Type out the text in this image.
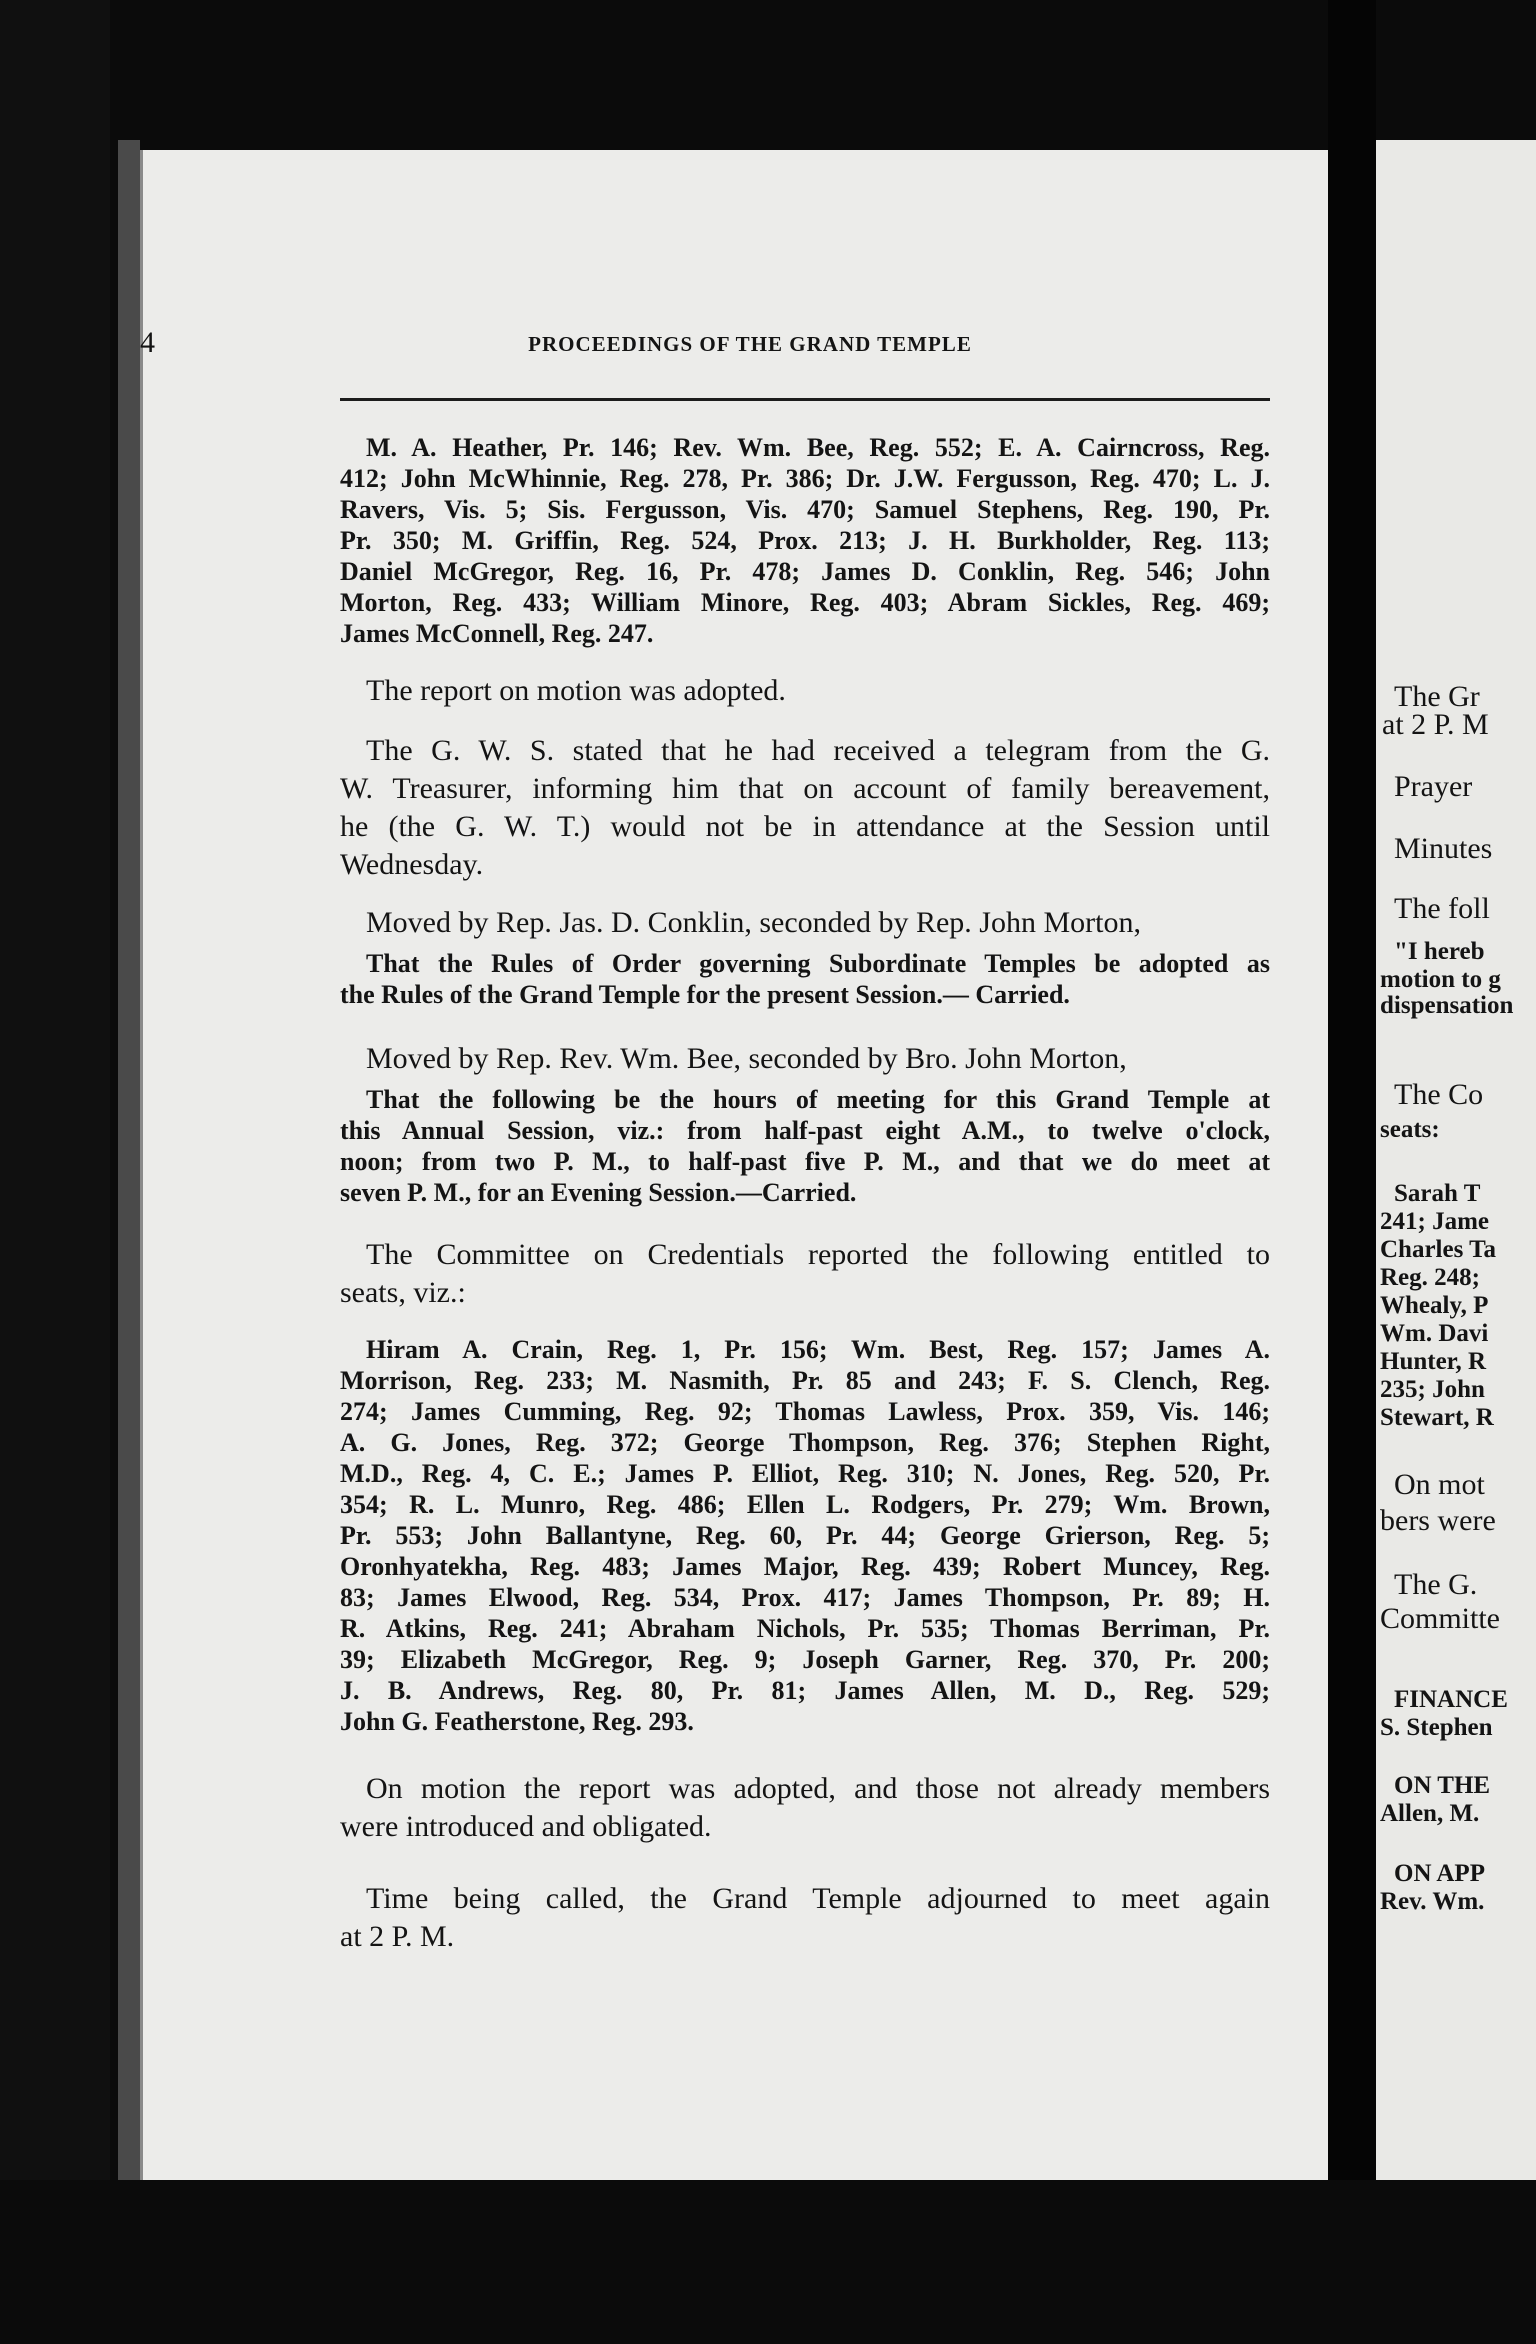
4	PROCEEDINGS OF THE GRAND TEMPLE
M. A. Heather, Pr. 146; Rev. Wm. Bee, Reg. 552; E. A. Cairncross, Reg.
412; John McWhinnie, Reg. 278, Pr. 386; Dr. J.W. Fergusson, Reg. 470; L. J.
Ravers, Vis. 5; Sis. Fergusson, Vis. 470; Samuel Stephens, Reg. 190, Pr.
Pr. 350; M. Griffin, Reg. 524, Prox. 213; J. H. Burkholder, Reg. 113;
Daniel McGregor, Reg. 16, Pr. 478; James D. Conklin, Reg. 546; John
Morton, Reg. 433; William Minore, Reg. 403; Abram Sickles, Reg. 469;
James McConnell, Reg. 247.
The report on motion was adopted.
The G. W. S. stated that he had received a telegram from the G.
W. Treasurer, informing him that on account of family bereavement,
he (the G. W. T.) would not be in attendance at the Session until
Wednesday.
Moved by Rep. Jas. D. Conklin, seconded by Rep. John Morton,
That the Rules of Order governing Subordinate Temples be adopted as
the Rules of the Grand Temple for the present Session.— Carried.
Moved by Rep. Rev. Wm. Bee, seconded by Bro. John Morton,
That the following be the hours of meeting for this Grand Temple at
this Annual Session, viz.: from half-past eight A.M., to twelve o'clock,
noon; from two P. M., to half-past five P. M., and that we do meet at
seven P. M., for an Evening Session.—Carried.
The Committee on Credentials reported the following entitled to
seats, viz.:
Hiram A. Crain, Reg. 1, Pr. 156; Wm. Best, Reg. 157; James A.
Morrison, Reg. 233; M. Nasmith, Pr. 85 and 243; F. S. Clench, Reg.
274; James Cumming, Reg. 92; Thomas Lawless, Prox. 359, Vis. 146;
A. G. Jones, Reg. 372; George Thompson, Reg. 376; Stephen Right,
M.D., Reg. 4, C. E.; James P. Elliot, Reg. 310; N. Jones, Reg. 520, Pr.
354; R. L. Munro, Reg. 486; Ellen L. Rodgers, Pr. 279; Wm. Brown,
Pr. 553; John Ballantyne, Reg. 60, Pr. 44; George Grierson, Reg. 5;
Oronhyatekha, Reg. 483; James Major, Reg. 439; Robert Muncey, Reg.
83; James Elwood, Reg. 534, Prox. 417; James Thompson, Pr. 89; H.
R. Atkins, Reg. 241; Abraham Nichols, Pr. 535; Thomas Berriman, Pr.
39; Elizabeth McGregor, Reg. 9; Joseph Garner, Reg. 370, Pr. 200;
J. B. Andrews, Reg. 80, Pr. 81; James Allen, M. D., Reg. 529;
John G. Featherstone, Reg. 293.
On motion the report was adopted, and those not already members
were introduced and obligated.
Time being called, the Grand Temple adjourned to meet again
at 2 P. M.
The Gr
at 2 P. M
Prayer
Minutes
The foll
"I hereb
motion to g
dispensation
The Co
seats:
Sarah T
241; Jame
Charles Ta
Reg. 248;
Whealy, P
Wm. Davi
Hunter, R
235; John
Stewart, R
On mot
bers were
The G.
Committe
FINANCE
S. Stephen
ON THE
Allen, M.
ON APP
Rev. Wm.
